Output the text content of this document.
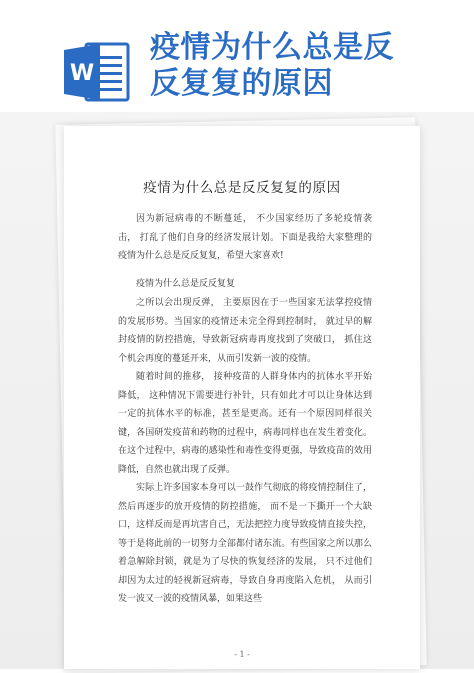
W
疫情为什么总是反
反复复的原因
疫情为什么总是反反复复的原因

因为新冠病毒的不断蔓延， 不少国家经历了多轮疫情袭击， 打乱了他们自身的经济发展计划。下面是我给大家整理的疫情为什么总是反反复复，希望大家喜欢!

疫情为什么总是反反复复

之所以会出现反弹， 主要原因在于一些国家无法掌控疫情的发展形势。当国家的疫情还未完全得到控制时， 就过早的解封疫情的防控措施，导致新冠病毒再度找到了突破口， 抓住这个机会再度的蔓延开来，从而引发新一波的疫情。

随着时间的推移， 接种疫苗的人群身体内的抗体水平开始降低， 这种情况下需要进行补针，只有如此才可以让身体达到一定的抗体水平的标准，甚至是更高。还有一个原因同样很关键，各国研发疫苗和药物的过程中，病毒同样也在发生着变化。在这个过程中，病毒的感染性和毒性变得更强，导致疫苗的效用降低，自然也就出现了反弹。

实际上许多国家本身可以一鼓作气彻底的将疫情控制住了，然后再逐步的放开疫情的防控措施， 而不是一下撕开一个大缺口，这样反而是再坑害自己，无法把控力度导致疫情直接失控，等于是将此前的一切努力全部都付诸东流。有些国家之所以那么着急解除封锁，就是为了尽快的恢复经济的发展， 只不过他们却因为太过的轻视新冠病毒，导致自身再度陷入危机， 从而引发一波又一波的疫情风暴，如果这些

- 1 -
